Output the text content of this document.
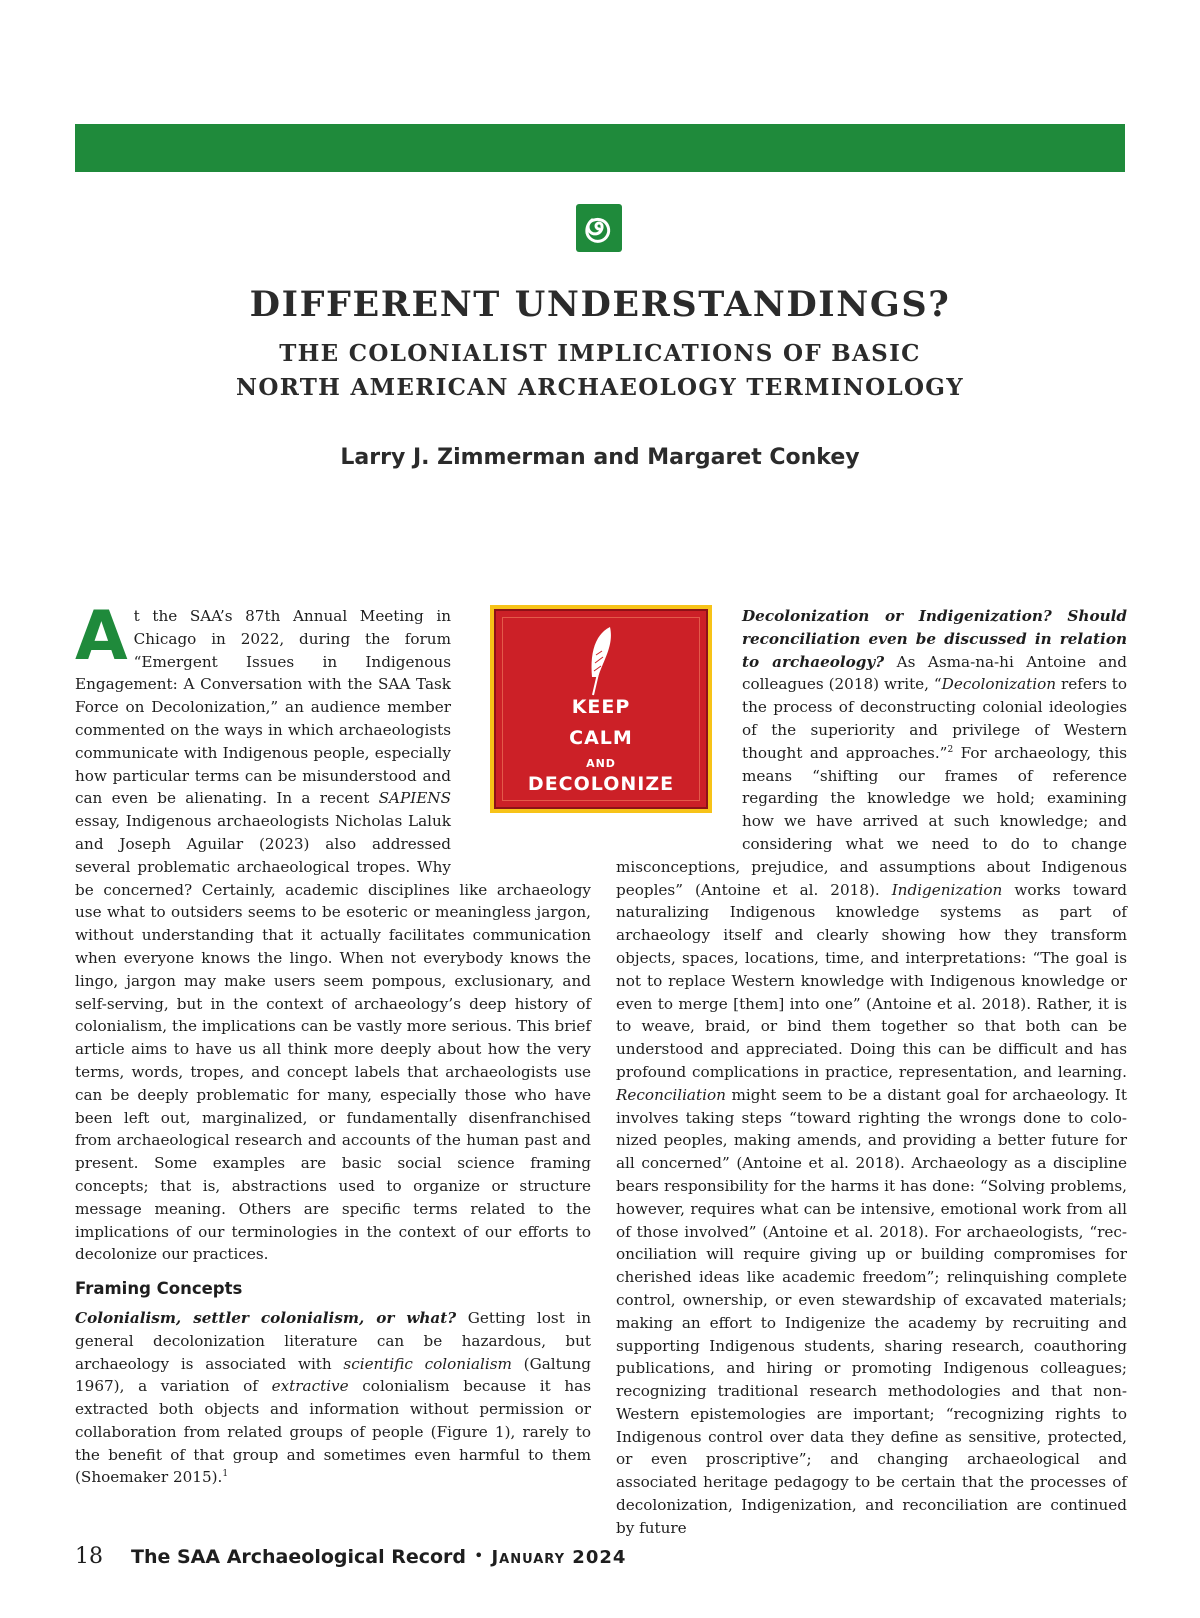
DIFFERENT UNDERSTANDINGS?
THE COLONIALIST IMPLICATIONS OF BASIC
NORTH AMERICAN ARCHAEOLOGY TERMINOLOGY
Larry J. Zimmerman and Margaret Conkey
KEEP
CALM
AND
DECOLONIZE

At the SAA’s 87th Annual Meeting in Chicago in 2022, during the forum “Emergent Issues in Indigenous Engagement: A Conversation with the SAA Task Force on Decolonization,” an audience member commented on the ways in which archaeologists communicate with Indigenous people, especially how particular terms can be misunderstood and can even be alienating. In a recent SAPIENS essay, Indigenous archaeologists Nicholas Laluk and Joseph Aguilar (2023) also addressed several problematic archaeological tropes. Why be concerned? Certainly, academic disciplines like archaeology use what to outsiders seems to be esoteric or meaningless jargon, without understanding that it actually facilitates communication when everyone knows the lingo. When not everybody knows the lingo, jargon may make users seem pompous, exclusionary, and self-serving, but in the context of archaeology’s deep history of colonialism, the implications can be vastly more serious. This brief article aims to have us all think more deeply about how the very terms, words, tropes, and concept labels that archaeologists use can be deeply problematic for many, especially those who have been left out, marginalized, or fundamentally disenfranchised from archaeological research and accounts of the human past and present. Some examples are basic social science framing concepts; that is, abstractions used to organize or structure message meaning. Others are specific terms related to the implications of our terminologies in the context of our efforts to decolonize our practices.

Framing Concepts

Colonialism, settler colonialism, or what? Getting lost in general decolonization literature can be hazardous, but archaeology is associated with scientific colonialism (Galtung 1967), a variation of extractive colonialism because it has extracted both objects and information without permission or collaboration from related groups of people (Figure 1), rarely to the benefit of that group and sometimes even harmful to them (Shoemaker 2015).$^1$

Decolonization or Indigenization? Should reconciliation even be discussed in relation to archaeology? As Asma-na-hi Antoine and colleagues (2018) write, “Decolonization refers to the process of deconstructing colonial ideologies of the superiority and privilege of Western thought and approaches.”$^2$ For archaeology, this means “shifting our frames of reference regarding the knowledge we hold; examining how we have arrived at such knowledge; and considering what we need to do to change misconceptions, prejudice, and assumptions about Indigenous peoples” (Antoine et al. 2018). Indigenization works toward naturalizing Indigenous knowledge systems as part of archaeology itself and clearly showing how they transform objects, spaces, locations, time, and interpretations: “The goal is not to replace Western knowledge with Indigenous knowledge or even to merge [them] into one” (Antoine et al. 2018). Rather, it is to weave, braid, or bind them together so that both can be understood and appreciated. Doing this can be difficult and has profound complications in practice, representation, and learning. Reconciliation might seem to be a distant goal for archaeology. It involves taking steps “toward righting the wrongs done to colonized peoples, making amends, and providing a better future for all concerned” (Antoine et al. 2018). Archaeology as a discipline bears responsibility for the harms it has done: “Solving problems, however, requires what can be intensive, emotional work from all of those involved” (Antoine et al. 2018). For archaeologists, “reconciliation will require giving up or building compromises for cherished ideas like academic freedom”; relinquishing complete control, ownership, or even stewardship of excavated materials; making an effort to Indigenize the academy by recruiting and supporting Indigenous students, sharing research, coauthoring publications, and hiring or promoting Indigenous colleagues; recognizing traditional research methodologies and that non-Western epistemologies are important; “recognizing rights to Indigenous control over data they define as sensitive, protected, or even proscriptive”; and changing archaeological and associated heritage pedagogy to be certain that the processes of decolonization, Indigenization, and reconciliation are continued by future

18 The SAA Archaeological Record • January 2024
